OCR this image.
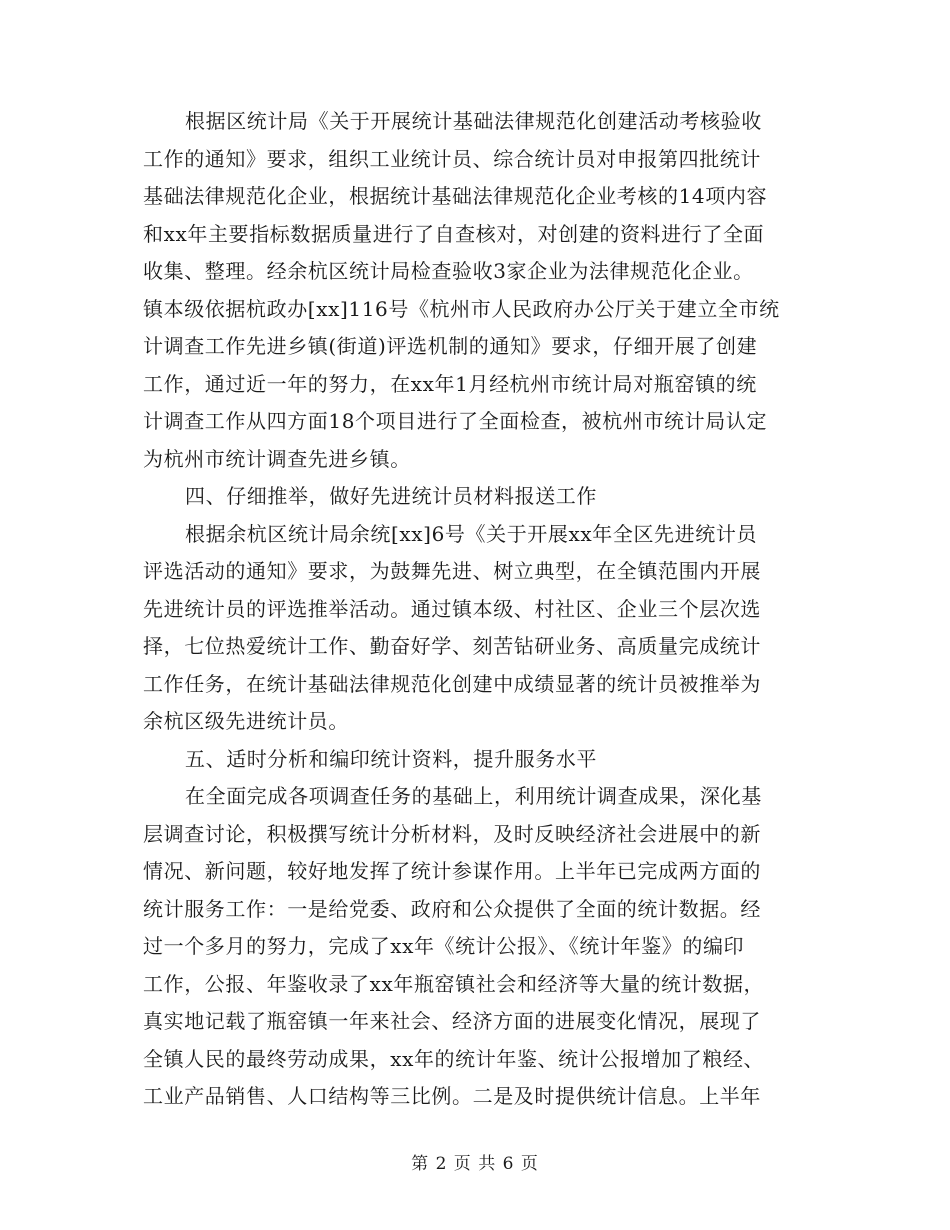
根据区统计局《关于开展统计基础法律规范化创建活动考核验收
工作的通知》要求，组织工业统计员、综合统计员对申报第四批统计
基础法律规范化企业，根据统计基础法律规范化企业考核的14项内容
和xx年主要指标数据质量进行了自查核对，对创建的资料进行了全面
收集、整理。经余杭区统计局检查验收3家企业为法律规范化企业。
镇本级依据杭政办[xx]116号《杭州市人民政府办公厅关于建立全市统
计调查工作先进乡镇(街道)评选机制的通知》要求，仔细开展了创建
工作，通过近一年的努力，在xx年1月经杭州市统计局对瓶窑镇的统
计调查工作从四方面18个项目进行了全面检查，被杭州市统计局认定
为杭州市统计调查先进乡镇。
四、仔细推举，做好先进统计员材料报送工作
根据余杭区统计局余统[xx]6号《关于开展xx年全区先进统计员
评选活动的通知》要求，为鼓舞先进、树立典型，在全镇范围内开展
先进统计员的评选推举活动。通过镇本级、村社区、企业三个层次选
择，七位热爱统计工作、勤奋好学、刻苦钻研业务、高质量完成统计
工作任务，在统计基础法律规范化创建中成绩显著的统计员被推举为
余杭区级先进统计员。
五、适时分析和编印统计资料，提升服务水平
在全面完成各项调查任务的基础上，利用统计调查成果，深化基
层调查讨论，积极撰写统计分析材料，及时反映经济社会进展中的新
情况、新问题，较好地发挥了统计参谋作用。上半年已完成两方面的
统计服务工作：一是给党委、政府和公众提供了全面的统计数据。经
过一个多月的努力，完成了xx年《统计公报》、《统计年鉴》的编印
工作，公报、年鉴收录了xx年瓶窑镇社会和经济等大量的统计数据，
真实地记载了瓶窑镇一年来社会、经济方面的进展变化情况，展现了
全镇人民的最终劳动成果，xx年的统计年鉴、统计公报增加了粮经、
工业产品销售、人口结构等三比例。二是及时提供统计信息。上半年
第 2 页 共 6 页
